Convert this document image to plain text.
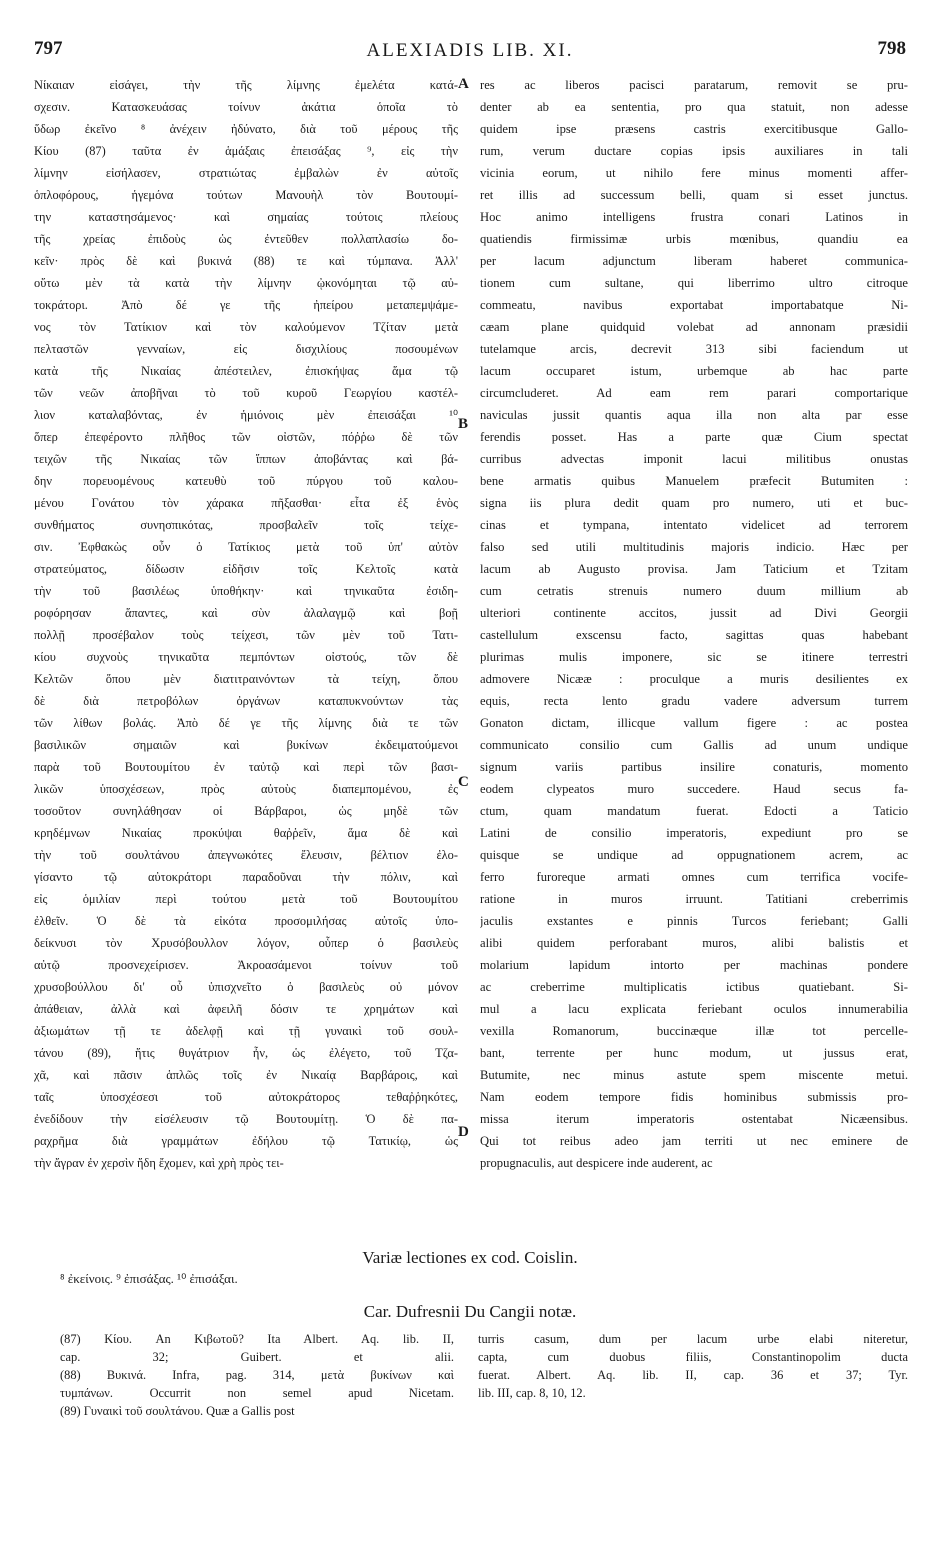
797	ALEXIADIS LIB. XI.	798
Νίκαιαν εἰσάγει, τὴν τῆς λίμνης ἐμελέτα κατά-
σχεσιν. Κατασκευάσας τοίνυν ἀκάτια ὁποῖα τὸ
ὕδωρ ἐκεῖνο ⁸ ἀνέχειν ἠδύνατο, διὰ τοῦ μέρους τῆς
Κίου (87) ταῦτα ἐν ἁμάξαις ἐπεισάξας ⁹, εἰς τὴν
λίμνην εἰσήλασεν, στρατιώτας ἐμβαλὼν ἐν αὐτοῖς
ὁπλοφόρους, ἡγεμόνα τούτων Μανουὴλ τὸν Βουτουμί-
την καταστησάμενος· καὶ σημαίας τούτοις πλείους
τῆς χρείας ἐπιδοὺς ὡς ἐντεῦθεν πολλαπλασίω δο-
κεῖν· πρὸς δὲ καὶ βυκινά (88) τε καὶ τύμπανα. Ἀλλ'
οὕτω μὲν τὰ κατὰ τὴν λίμνην ᾠκονόμηται τῷ αὐ-
τοκράτορι. Ἀπὸ δέ γε τῆς ἠπείρου μεταπεμψάμε-
νος τὸν Τατίκιον καὶ τὸν καλούμενον Τζίταν μετὰ
πελταστῶν γενναίων, εἰς δισχιλίους ποσουμένων
κατὰ τῆς Νικαίας ἀπέστειλεν, ἐπισκήψας ἅμα τῷ
τῶν νεῶν ἀποβῆναι τὸ τοῦ κυροῦ Γεωργίου καστέλ-
λιον καταλαβόντας, ἐν ἡμιόνοις μὲν ἐπεισάξαι ¹⁰
ὅπερ ἐπεφέροντο πλῆθος τῶν οἰστῶν, πόῤῥω δὲ τῶν
τειχῶν τῆς Νικαίας τῶν ἵππων ἀποβάντας καὶ βά-
δην πορευομένους κατευθὺ τοῦ πύργου τοῦ καλου-
μένου Γονάτου τὸν χάρακα πῆξασθαι· εἶτα ἐξ ἑνὸς
συνθήματος συνησπικότας, προσβαλεῖν τοῖς τείχε-
σιν. Ἐφθακὼς οὖν ὁ Τατίκιος μετὰ τοῦ ὑπ' αὐτὸν
στρατεύματος, δίδωσιν εἰδῆσιν τοῖς Κελτοῖς κατὰ
τὴν τοῦ βασιλέως ὑποθήκην· καὶ τηνικαῦτα ἐσιδη-
ροφόρησαν ἅπαντες, καὶ σὺν ἀλαλαγμῷ καὶ βοῇ
πολλῇ προσέβαλον τοὺς τείχεσι, τῶν μὲν τοῦ Τατι-
κίου συχνοὺς τηνικαῦτα πεμπόντων οἰστούς, τῶν δὲ
Κελτῶν ὅπου μὲν διατιτραινόντων τὰ τείχη, ὅπου
δὲ διὰ πετροβόλων ὀργάνων καταπυκνούντων τὰς
τῶν λίθων βολάς. Ἀπὸ δέ γε τῆς λίμνης διὰ τε τῶν
βασιλικῶν σημαιῶν καὶ βυκίνων ἐκδειματούμενοι
παρὰ τοῦ Βουτουμίτου ἐν ταὐτῷ καὶ περὶ τῶν βασι-
λικῶν ὑποσχέσεων, πρὸς αὐτοὺς διαπεμπομένου, ἐς
τοσοῦτον συνηλάθησαν οἱ Βάρβαροι, ὡς μηδὲ τῶν
κρηδέμνων Νικαίας προκύψαι θαῤῥεῖν, ἅμα δὲ καὶ
τὴν τοῦ σουλτάνου ἀπεγνωκότες ἔλευσιν, βέλτιον ἐλο-
γίσαντο τῷ αὐτοκράτορι παραδοῦναι τὴν πόλιν, καὶ
εἰς ὁμιλίαν περὶ τούτου μετὰ τοῦ Βουτουμίτου
ἐλθεῖν. Ὁ δὲ τὰ εἰκότα προσομιλήσας αὐτοῖς ὑπο-
δείκνυσι τὸν Χρυσόβουλλον λόγον, οὗπερ ὁ βασιλεὺς
αὐτῷ προσνεχείρισεν. Ἀκροασάμενοι τοίνυν τοῦ
χρυσοβούλλου δι' οὗ ὑπισχνεῖτο ὁ βασιλεὺς οὐ μόνον
ἀπάθειαν, ἀλλὰ καὶ ἀφειλῆ δόσιν τε χρημάτων καὶ
ἀξιωμάτων τῇ τε ἀδελφῇ καὶ τῇ γυναικὶ τοῦ σουλ-
τάνου (89), ἥτις θυγάτριον ἦν, ὡς ἐλέγετο, τοῦ Τζα-
χᾶ, καὶ πᾶσιν ἁπλῶς τοῖς ἐν Νικαίᾳ Βαρβάροις, καὶ
ταῖς ὑποσχέσεσι τοῦ αὐτοκράτορος τεθαῤῥηκότες,
ἐνεδίδουν τὴν εἰσέλευσιν τῷ Βουτουμίτῃ. Ὁ δὲ πα-
ραχρῆμα διὰ γραμμάτων ἐδήλου τῷ Τατικίῳ, ὡς
τὴν ἄγραν ἐν χερσὶν ἤδη ἔχομεν, καὶ χρὴ πρὸς τει-
res ac liberos pacisci paratarum, removit se pru-
denter ab ea sententia, pro qua statuit, non adesse
quidem ipse præsens castris exercitibusque Gallo-
rum, verum ductare copias ipsis auxiliares in tali
vicinia eorum, ut nihilo fere minus momenti affer-
ret illis ad successum belli, quam si esset junctus.
Hoc animo intelligens frustra conari Latinos in
quatiendis firmissimæ urbis mœnibus, quandiu ea
per lacum adjunctum liberam haberet communica-
tionem cum sultane, qui liberrimo ultro citroque
commeatu, navibus exportabat importabatque Ni-
cæam plane quidquid volebat ad annonam præsidii
tutelamque arcis, decrevit 313 sibi faciendum ut
lacum occuparet istum, urbemque ab hac parte
circumcluderet. Ad eam rem parari comportarique
naviculas jussit quantis aqua illa non alta par esse
ferendis posset. Has a parte quæ Cium spectat
curribus advectas imponit lacui militibus onustas
bene armatis quibus Manuelem præfecit Butumiten :
signa iis plura dedit quam pro numero, uti et buc-
cinas et tympana, intentato videlicet ad terrorem
falso sed utili multitudinis majoris indicio. Hæc per
lacum ab Augusto provisa. Jam Taticium et Tzitam
cum cetratis strenuis numero duum millium ab
ulteriori continente accitos, jussit ad Divi Georgii
castellulum exscensu facto, sagittas quas habebant
plurimas mulis imponere, sic se itinere terrestri
admovere Nicææ : proculque a muris desilientes ex
equis, recta lento gradu vadere adversum turrem
Gonaton dictam, illicque vallum figere : ac postea
communicato consilio cum Gallis ad unum undique
signum variis partibus insilire conaturis, momento
eodem clypeatos muro succedere. Haud secus fa-
ctum, quam mandatum fuerat. Edocti a Taticio
Latini de consilio imperatoris, expediunt pro se
quisque se undique ad oppugnationem acrem, ac
ferro furoreque armati omnes cum terrifica vocife-
ratione in muros irruunt. Tatitiani creberrimis
jaculis exstantes e pinnis Turcos feriebant; Galli
alibi quidem perforabant muros, alibi balistis et
molarium lapidum intorto per machinas pondere
ac creberrime multiplicatis ictibus quatiebant. Si-
mul a lacu explicata feriebant oculos innumerabilia
vexilla Romanorum, buccinæque illæ tot percelle-
bant, terrente per hunc modum, ut jussus erat,
Butumite, nec minus astute spem miscente metui.
Nam eodem tempore fidis hominibus submissis pro-
missa iterum imperatoris ostentabat Nicæensibus.
Qui tot reibus adeo jam territi ut nec eminere de
propugnaculis, aut despicere inde auderent, ac
A
B
C
D
Variæ lectiones ex cod. Coislin.
⁸ ἐκείνοις. ⁹ ἐπισάξας. ¹⁰ ἐπισάξαι.
Car. Dufresnii Du Cangii notæ.
(87) Κίου. An Κιβωτοῦ? Ita Albert. Aq. lib. II,
cap. 32; Guibert. et alii.
(88) Βυκινά. Infra, pag. 314, μετὰ βυκίνων καὶ
τυμπάνων. Occurrit non semel apud Nicetam.
(89) Γυναικὶ τοῦ σουλτάνου. Quæ a Gallis post
turris casum, dum per lacum urbe elabi niteretur,
capta, cum duobus filiis, Constantinopolim ducta
fuerat. Albert. Aq. lib. II, cap. 36 et 37; Tyr.
lib. III, cap. 8, 10, 12.
